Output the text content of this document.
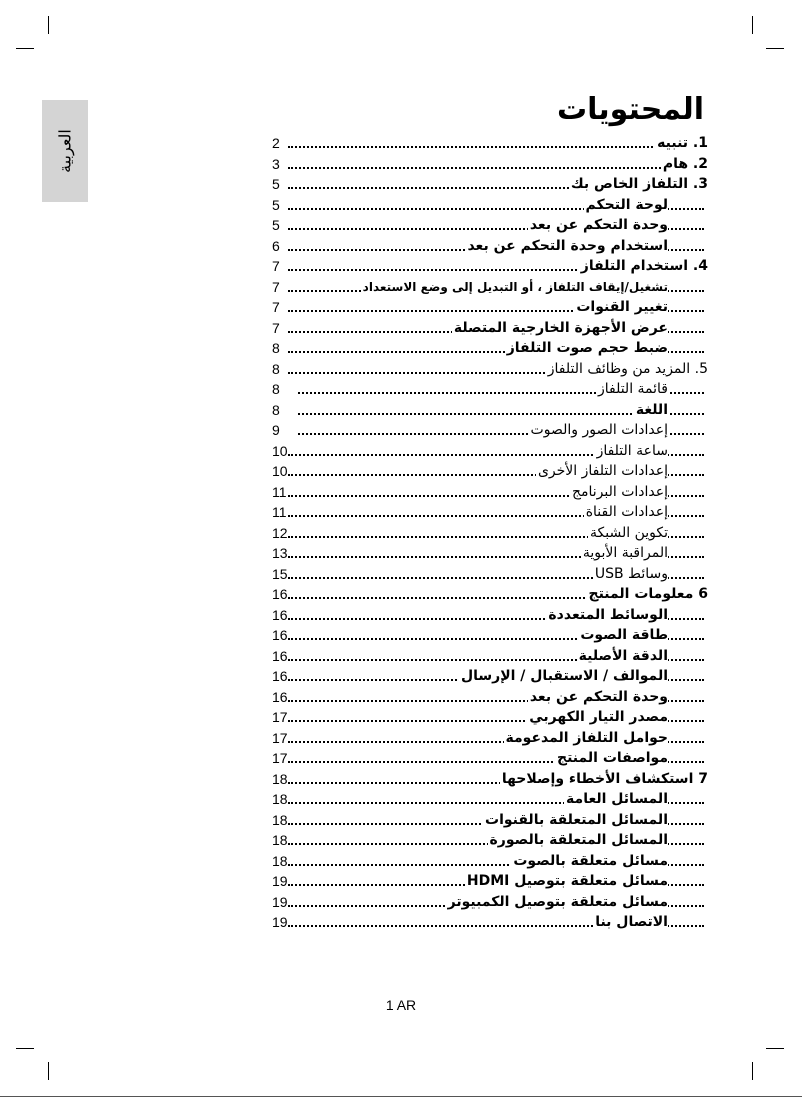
العربية
المحتويات
2	1. تنبيه
3	2. هام
5	3. التلفاز الخاص بك
5	لوحة التحكم
5	وحدة التحكم عن بعد
6	استخدام وحدة التحكم عن بعد
7	4. استخدام التلفاز
7	تشغيل/إيقاف التلفاز ، أو التبديل إلى وضع الاستعداد
7	تغيير القنوات
7	عرض الأجهزة الخارجية المتصلة
8	ضبط حجم صوت التلفاز
8	5. المزيد من وظائف التلفاز
8	قائمة التلفاز
8	اللغة
9	إعدادات الصور والصوت
10	ساعة التلفاز
10	إعدادات التلفاز الأخرى
11	إعدادات البرنامج
11	إعدادات القناة
12	تكوين الشبكة
13	المراقبة الأبوية
15	وسائط USB
16	6 معلومات المنتج
16	الوسائط المتعددة
16	طاقة الصوت
16	الدقة الأصلية
16	الموالف / الاستقبال / الإرسال
16	وحدة التحكم عن بعد
17	مصدر التيار الكهربي
17	حوامل التلفاز المدعومة
17	مواصفات المنتج
18	7 استكشاف الأخطاء وإصلاحها
18	المسائل العامة
18	المسائل المتعلقة بالقنوات
18	المسائل المتعلقة بالصورة
18	مسائل متعلقة بالصوت
19	مسائل متعلقة بتوصيل HDMI
19	مسائل متعلقة بتوصيل الكمبيوتر
19	الاتصال بنا
1 AR
